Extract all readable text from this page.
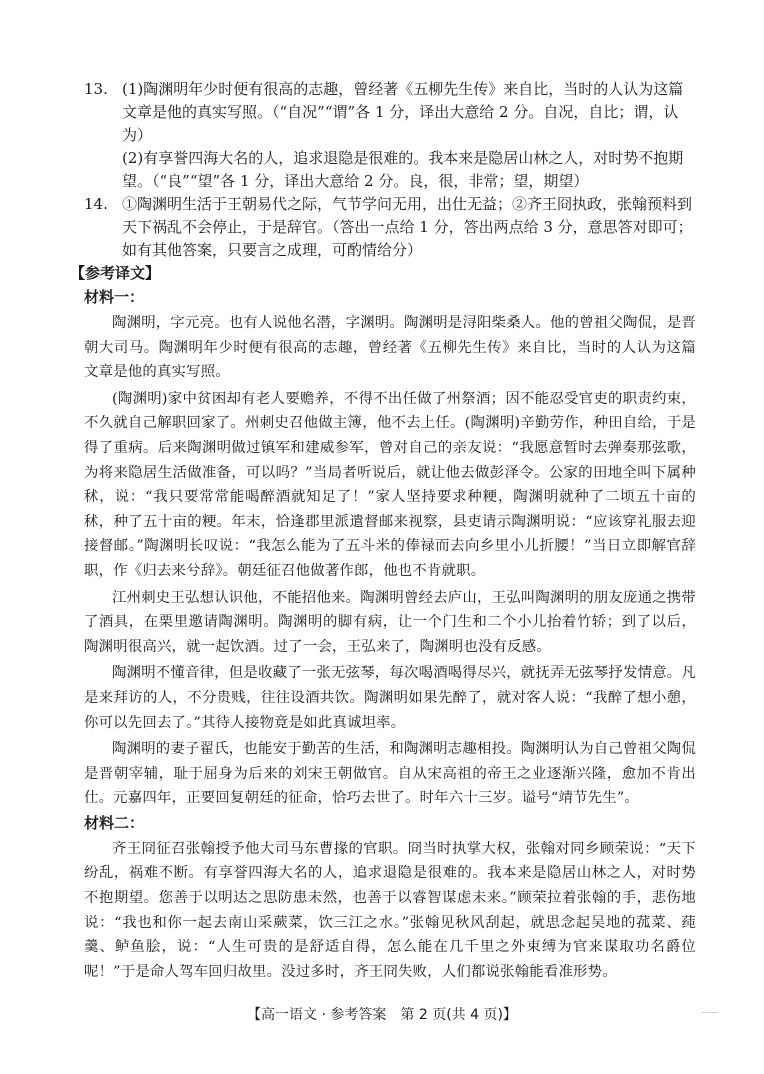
13. (1)陶渊明年少时便有很高的志趣，曾经著《五柳先生传》来自比，当时的人认为这篇文章是他的真实写照。（“自况”“谓”各 1 分，译出大意给 2 分。自况，自比；谓，认为）
(2)有享誉四海大名的人，追求退隐是很难的。我本来是隐居山林之人，对时势不抱期望。（“良”“望”各 1 分，译出大意给 2 分。良，很，非常；望，期望）
14. ①陶渊明生活于王朝易代之际，气节学问无用，出仕无益；②齐王冏执政，张翰预料到天下祸乱不会停止，于是辞官。（答出一点给 1 分，答出两点给 3 分，意思答对即可；如有其他答案，只要言之成理，可酌情给分）
【参考译文】
材料一：

陶渊明，字元亮。也有人说他名潜，字渊明。陶渊明是浔阳柴桑人。他的曾祖父陶侃，是晋朝大司马。陶渊明年少时便有很高的志趣，曾经著《五柳先生传》来自比，当时的人认为这篇文章是他的真实写照。

(陶渊明)家中贫困却有老人要赡养，不得不出任做了州祭酒；因不能忍受官吏的职责约束，不久就自己解职回家了。州刺史召他做主簿，他不去上任。(陶渊明)辛勤劳作，种田自给，于是得了重病。后来陶渊明做过镇军和建威参军，曾对自己的亲友说：“我愿意暂时去弹奏那弦歌，为将来隐居生活做准备，可以吗？”当局者听说后，就让他去做彭泽令。公家的田地全叫下属种秫，说：“我只要常常能喝醉酒就知足了！”家人坚持要求种粳，陶渊明就种了二顷五十亩的秫，种了五十亩的粳。年末，恰逢郡里派遣督邮来视察，县吏请示陶渊明说：“应该穿礼服去迎接督邮。”陶渊明长叹说：“我怎么能为了五斗米的俸禄而去向乡里小儿折腰！”当日立即解官辞职，作《归去来兮辞》。朝廷征召他做著作郎，他也不肯就职。

江州刺史王弘想认识他，不能招他来。陶渊明曾经去庐山，王弘叫陶渊明的朋友庞通之携带了酒具，在栗里邀请陶渊明。陶渊明的脚有病，让一个门生和二个小儿抬着竹轿；到了以后，陶渊明很高兴，就一起饮酒。过了一会，王弘来了，陶渊明也没有反感。

陶渊明不懂音律，但是收藏了一张无弦琴，每次喝酒喝得尽兴，就抚弄无弦琴抒发情意。凡是来拜访的人，不分贵贱，往往设酒共饮。陶渊明如果先醉了，就对客人说：“我醉了想小憩，你可以先回去了。”其待人接物竟是如此真诚坦率。

陶渊明的妻子翟氏，也能安于勤苦的生活，和陶渊明志趣相投。陶渊明认为自己曾祖父陶侃是晋朝宰辅，耻于屈身为后来的刘宋王朝做官。自从宋高祖的帝王之业逐渐兴隆，愈加不肯出仕。元嘉四年，正要回复朝廷的征命，恰巧去世了。时年六十三岁。谥号“靖节先生”。

材料二：

齐王冏征召张翰授予他大司马东曹掾的官职。冏当时执掌大权，张翰对同乡顾荣说：“天下纷乱，祸难不断。有享誉四海大名的人，追求退隐是很难的。我本来是隐居山林之人，对时势不抱期望。您善于以明达之思防患未然，也善于以睿智谋虑未来。”顾荣拉着张翰的手，悲伤地说：“我也和你一起去南山采蕨菜，饮三江之水。”张翰见秋风刮起，就思念起吴地的菰菜、莼羹、鲈鱼脍，说：“人生可贵的是舒适自得，怎么能在几千里之外束缚为官来谋取功名爵位呢！”于是命人驾车回归故里。没过多时，齐王冏失败，人们都说张翰能看准形势。

【高一语文 · 参考答案　第 2 页(共 4 页)】
